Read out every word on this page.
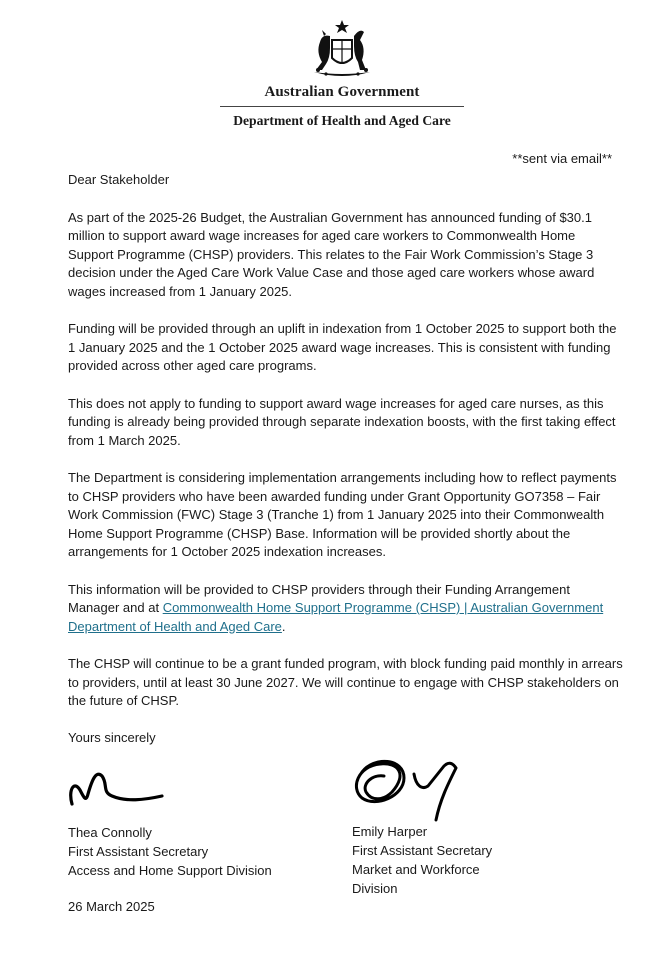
Australian Government
Department of Health and Aged Care
**sent via email**

Dear Stakeholder

As part of the 2025-26 Budget, the Australian Government has announced funding of $30.1 million to support award wage increases for aged care workers to Commonwealth Home Support Programme (CHSP) providers. This relates to the Fair Work Commission’s Stage 3 decision under the Aged Care Work Value Case and those aged care workers whose award wages increased from 1 January 2025.

Funding will be provided through an uplift in indexation from 1 October 2025 to support both the 1 January 2025 and the 1 October 2025 award wage increases. This is consistent with funding provided across other aged care programs.

This does not apply to funding to support award wage increases for aged care nurses, as this funding is already being provided through separate indexation boosts, with the first taking effect from 1 March 2025.

The Department is considering implementation arrangements including how to reflect payments to CHSP providers who have been awarded funding under Grant Opportunity GO7358 – Fair Work Commission (FWC) Stage 3 (Tranche 1) from 1 January 2025 into their Commonwealth Home Support Programme (CHSP) Base. Information will be provided shortly about the arrangements for 1 October 2025 indexation increases.

This information will be provided to CHSP providers through their Funding Arrangement Manager and at Commonwealth Home Support Programme (CHSP) | Australian Government Department of Health and Aged Care.

The CHSP will continue to be a grant funded program, with block funding paid monthly in arrears to providers, until at least 30 June 2027. We will continue to engage with CHSP stakeholders on the future of CHSP.

Yours sincerely
Thea Connolly
First Assistant Secretary
Access and Home Support Division
Emily Harper
First Assistant Secretary
Market and Workforce
Division
26 March 2025
